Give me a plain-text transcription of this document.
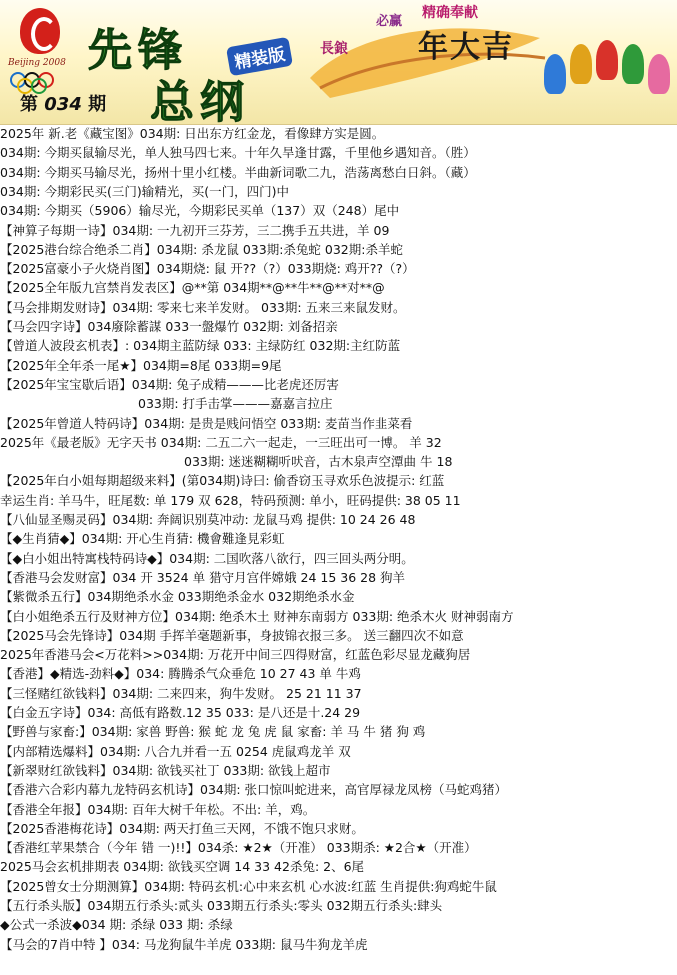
Beijing 2008 先锋	精装版
总纲
第 034 期
必赢
精确奉献
長鋃 年大吉
2025年 新.老《藏宝图》034期: 日出东方红金龙，看像肆方实是圆。
034期: 今期买鼠输尽光，单人独马四七来。十年久旱逢甘露，千里他乡遇知音。（胜）
034期: 今期买马输尽光，扬州十里小红楼。半曲新词歌二九，浩荡离愁白日斜。（藏）
034期: 今期彩民买(三门)输精光，买(一门，四门)中
034期: 今期买（5906）输尽光，今期彩民买单（137）双（248）尾中
【神算子每期一诗】034期: 一九初开三芬芳，三二携手五共进，羊 09
【2025港台综合绝杀二肖】034期: 杀龙鼠 033期:杀兔蛇 032期:杀羊蛇
【2025富豪小子火烧肖图】034期烧: 鼠 开??（?）033期烧: 鸡开??（?）
【2025全年版九宫禁肖发表区】@**第 034期**@**牛**@**对**@
【马会排期发财诗】034期: 零来七来羊发财。 033期: 五来三来鼠发财。
【马会四字诗】034廢除蓄謀 033一盤爆竹 032期: 刘备招亲
【曾道人波段玄机表】: 034期主蓝防绿 033: 主绿防红 032期:主红防蓝
【2025年全年杀一尾★】034期=8尾 033期=9尾
【2025年宝宝歇后语】034期: 兔子成精———比老虎还厉害
033期: 打手击掌———嘉嘉言拉庄
【2025年曾道人特码诗】034期: 是贵是贱问悟空 033期: 麦苗当作韭菜看
2025年《最老版》无字天书 034期: 二五二六一起走，一三旺出可一博。 羊 32
033期: 迷迷糊糊听吠音，古木泉声空潭曲 牛 18
【2025年白小姐每期超级来料】(第034期)诗曰: 偷香窃玉寻欢乐色波提示: 红蓝
幸运生肖: 羊马牛，旺尾数: 单 179 双 628，特码预测: 单小，旺码提供: 38 05 11
【八仙显圣赐灵码】034期: 奔阔识别莫冲动: 龙鼠马鸡 提供: 10 24 26 48
【◆生肖猜◆】034期: 开心生肖猜: 機會難逢見彩虹
【◆白小姐出特寓栈特码诗◆】034期: 二国吹落八欲行，四三回头两分明。
【香港马会发财富】034 开 3524 单 猎守月宫伴嫦娥 24 15 36 28 狗羊
【紫微杀五行】034期绝杀水金 033期绝杀金水 032期绝杀水金
【白小姐绝杀五行及财神方位】034期: 绝杀木土 财神东南弱方 033期: 绝杀木火 财神弱南方
【2025马会先锋诗】034期 手挥羊毫题新事，身披锦衣报三多。 送三翻四次不如意
2025年香港马会<万花料>>034期: 万花开中间三四得财富，红蓝色彩尽显龙藏狗居
【香港】◆精选-劲料◆】034: 腾腾杀气众垂危 10 27 43 单 牛鸡
【三怪赌红欲钱料】034期: 二来四来，狗牛发财。 25 21 11 37
【白金五字诗】034: 高低有路数.12 35 033: 是八还是十.24 29
【野兽与家畜:】034期: 家兽 野兽: 猴 蛇 龙 兔 虎 鼠 家畜: 羊 马 牛 猪 狗 鸡
【内部精选爆料】034期: 八合九并看一五 0254 虎鼠鸡龙羊 双
【新翠财红欲钱料】034期: 欲钱买社丁 033期: 欲钱上超市
【香港六合彩内幕九龙特码玄机诗】034期: 张口惊叫蛇进来，高官厚禄龙凤榜（马蛇鸡猪）
【香港全年报】034期: 百年大树千年松。不出: 羊，鸡。
【2025香港梅花诗】034期: 两天打鱼三天网，不饿不饱只求财。
【香港红苹果禁合（今年 错 一)!!】034杀: ★2★（开准） 033期杀: ★2合★（开准）
2025马会玄机排期表 034期: 欲钱买空调 14 33 42杀兔: 2、6尾
【2025曾女士分期测算】034期: 特码玄机:心中来玄机 心水波:红蓝 生肖提供:狗鸡蛇牛鼠
【五行杀头版】034期五行杀头:贰头 033期五行杀头:零头 032期五行杀头:肆头
◆公式一杀波◆034 期: 杀绿 033 期: 杀绿
【马会的7肖中特 】034: 马龙狗鼠牛羊虎 033期: 鼠马牛狗龙羊虎
